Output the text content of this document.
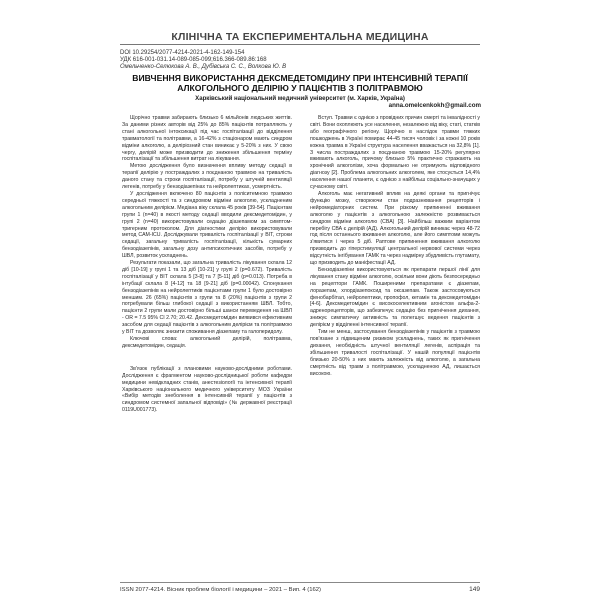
КЛІНІЧНА ТА ЕКСПЕРИМЕНТАЛЬНА МЕДИЦИНА
DOI 10.29254/2077-4214-2021-4-162-149-154
УДК 616-001-031.14-089-085-099;616.366-089.86:168
Омельченко-Селюкова А. В., Дубівська С. С., Волкова Ю. В
ВИВЧЕННЯ ВИКОРИСТАННЯ ДЕКСМЕДЕТОМІДИНУ ПРИ ІНТЕНСИВНІЙ ТЕРАПІЇ
АЛКОГОЛЬНОГО ДЕЛІРІЮ У ПАЦІЄНТІВ З ПОЛІТРАВМОЮ
Харківський національний медичний університет (м. Харків, Україна)
anna.omelcenkokh@gmail.com

Щорічно травми забирають близько 6 мільйонів людських життів. За даними різних авторів від 25% до 85% пацієнтів потрапляють у стані алкогольної інтоксикації під час госпіталізації до відділення травматології та політравми, а 16-42% з стаціонаром мають синдром відміни алкоголю, а деліріозний стан виникає у 5-20% з них. У свою чергу, делірій може призводити до зниження збільшення терміну госпіталізації та збільшення витрат на лікування.

Метою дослідження було визначення впливу методу седації в терапії делірію у постраждалих з поєднаною травмою на тривалість даного стану та строки госпіталізації, потребу у штучній вентиляції легенів, потребу у бензодіазепінах та нейролептиках, усмертність.

У дослідження включено 80 пацієнтів з поліситемною травмою середньої тяжкості та з синдромом відміни алкоголю, ускладненим алкогольним делірієм. Медіана віку склала 45 років [39-54]. Пацієнтам групи 1 (n=40) в якості методу седації вводили дексмедетомідин, у групі 2 (n=40) використовували седацію діазепамом за симптом-тригерним протоколом. Для діагностики делірію використовували метод CAM-ICU. Досліджували тривалість госпіталізації у ВІТ, строки седації, загальну тривалість госпіталізації, кількість сумарних бензодіазепінів, загальну дозу антипсихотичних засобів, потребу у ШВЛ, розвиток ускладнень.

Результати показали, що загальна тривалість лікування склала 12 діб [10-19] у групі 1 та 13 діб [10-21] у групі 2 (p=0.672). Тривалість госпіталізації у ВІТ склала 5 [3-8] та 7 [5-11] діб (p=0.013). Потреба в інтубації склала 8 [4-12] та 18 [9-21] діб (p=0.00042). Спонукання бензодіазепінів на нейролептиків пацієнтами групи 1 було достовірно меншим. 26 (65%) пацієнтів з групи та 8 (20%) пацієнтів з групи 2 потребували більш глибокої седації з використанням ШВЛ. Тобто, пацієнти 2 групи мали достовірно більші шанси переведення на ШВЛ - OR = 7.5 95% CI 2.70; 20.42. Дексмедетомідин виявився ефективним засобом для седації пацієнтів з алкогольним делірієм та політравмою у ВІТ та дозволяє знизити споживання діазепаму та галоперидолу.

Ключові слова: алкогольний делірій, політравма, дексмедетомідин, седація.

Зв'язок публікації з плановими науково-дослідними роботами. Дослідження є фрагментом науково-дослідницької роботи кафедри медицини невідкладних станів, анестезіології та інтенсивної терапії Харківського національного медичного університету МОЗ України «Вибір методів знеболення в інтенсивній терапії у пацієнтів з синдромом системної запальної відповіді» (№ державної реєстрації 0119U001773).

Вступ. Травми є однією з провідних причин смерті та інвалідності у світі. Вони охоплюють усе населення, незалежно від віку, статі, статків або географічного регіону. Щорічно в наслідок травми тяжких пошкоджень в Україні помирає 44-45 тисяч чоловік і за кожні 10 років кожна травма в Україні структура населення вважається на 32,8% [1]. З числа постраждалих з поєднаною травмою 15-20% регулярно вживають алкоголь, причому близько 5% практично стражають на хронічний алкоголізм, хоча формально не отримують відповідного діагнозу [2]. Проблема алкогольних алкоголем, яке стосується 14,4% населення нашої планети, є однією з найбільш соціально-значущих у сучасному світі.

Алкоголь має негативний вплив на деякі органи та пригнічує функцію мозку, створюючи стан подразнювання рецепторів і нейромедіаторних систем. При різкому припиненні вживання алкоголю у пацієнтів з алкогольною залежністю розвивається синдром відміни алкоголю (СВА) [3]. Найбільш важким варіантом перебігу СВА є делірій (АД). Алкогольний делірій виникає через 48-72 год після останнього вживання алкоголю, але його симптоми можуть з'явитися і через 5 діб. Раптове припинення вживання алкоголю призводить до гіперстимуляції центральної нервової системи через відсутність інгібування ГАМК та через надмірну збудливість глутамату, що призводить до маніфестації АД.

Бензодіазепіни використовуються як препарати першої лінії для лікування стану відміни алкоголю, оскільки вони діють безпосередньо на рецептори ГАМК. Поширеними препаратами є діазепам, лоразепам, хлордіазепоксид та оксазепам. Також застосовуються фенобарбітал, нейролептики, пропофол, кетамін та дексмедетомідин [4-6]. Дексмедетомідин є високоселективним агоністом альфа-2-адренорецепторів, що забезпечує седацію без пригнічення дихання, знижує симпатичну активність та полегшує ведення пацієнтів з делірієм у відділенні інтенсивної терапії.

Тим не менш, застосування бензодіазепінів у пацієнтів з травмою пов'язане з підвищеним ризиком ускладнень, таких як пригнічення дихання, необхідність штучної вентиляції легенів, аспірація та збільшення тривалості госпіталізації. У нашій популяції пацієнтів близько 20-50% з них мають залежність від алкоголю, а загальна смертність від травм з політравмою, ускладненою АД, лишається високою.

ISSN 2077-4214. Вісник проблем біології і медицини – 2021 – Вип. 4 (162)	149
